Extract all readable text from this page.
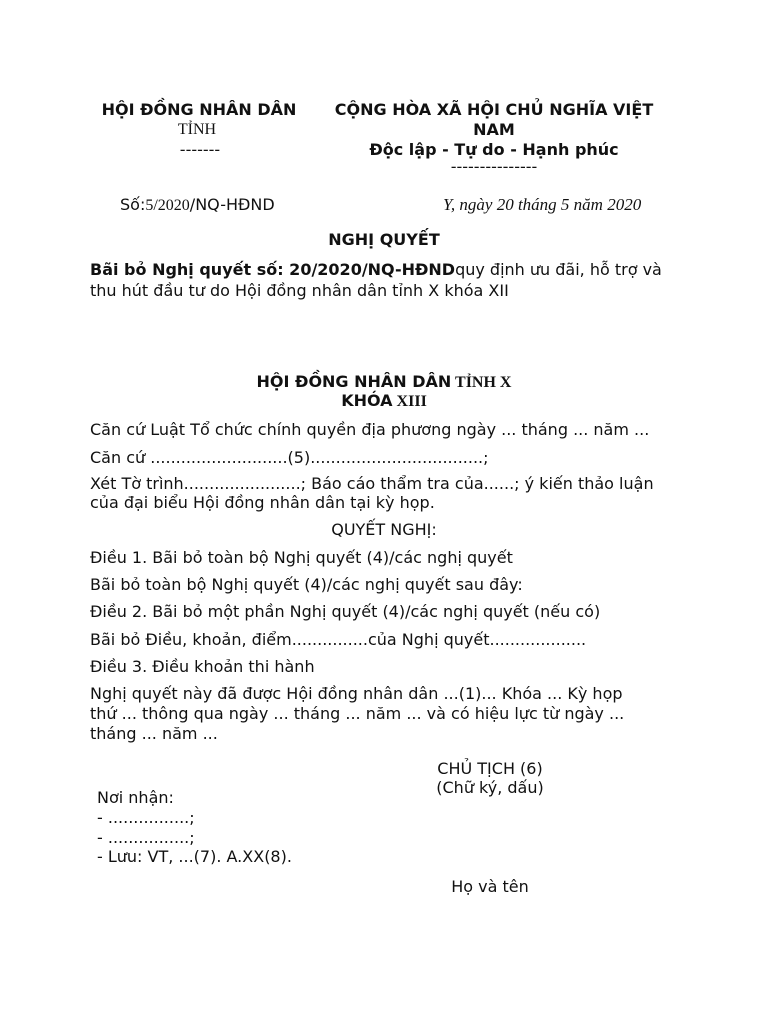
HỘI ĐỒNG NHÂN DÂN
TỈNH
-------
CỘNG HÒA XÃ HỘI CHỦ NGHĨA VIỆT
NAM
Độc lập - Tự do - Hạnh phúc
---------------
Số:5/2020/NQ-HĐND	Y, ngày 20 tháng 5 năm 2020
NGHỊ QUYẾT
Bãi bỏ Nghị quyết số: 20/2020/NQ-HĐNDquy định ưu đãi, hỗ trợ và
thu hút đầu tư do Hội đồng nhân dân tỉnh X khóa XII
HỘI ĐỒNG NHÂN DÂN TỈNH X
KHÓA XIII
Căn cứ Luật Tổ chức chính quyền địa phương ngày ... tháng ... năm ...
Căn cứ ...........................(5)..................................;
Xét Tờ trình.......................; Báo cáo thẩm tra của......; ý kiến thảo luận
của đại biểu Hội đồng nhân dân tại kỳ họp.
QUYẾT NGHỊ:
Điều 1. Bãi bỏ toàn bộ Nghị quyết (4)/các nghị quyết
Bãi bỏ toàn bộ Nghị quyết (4)/các nghị quyết sau đây:
Điều 2. Bãi bỏ một phần Nghị quyết (4)/các nghị quyết (nếu có)
Bãi bỏ Điều, khoản, điểm...............của Nghị quyết...................
Điều 3. Điều khoản thi hành
Nghị quyết này đã được Hội đồng nhân dân ...(1)... Khóa ... Kỳ họp
thứ ... thông qua ngày ... tháng ... năm ... và có hiệu lực từ ngày ...
tháng ... năm ...
CHỦ TỊCH (6)
(Chữ ký, dấu)
Nơi nhận:
- ................;
- ................;
- Lưu: VT, ...(7). A.XX(8).
Họ và tên
